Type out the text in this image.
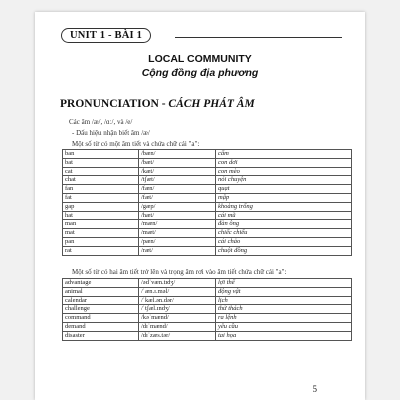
UNIT 1 - BÀI 1
LOCAL COMMUNITY
Cộng đồng địa phương
PRONUNCIATION - CÁCH PHÁT ÂM
Các âm /æ/, /ɑː/, và /e/
- Dấu hiệu nhận biết âm /æ/
Một số từ có một âm tiết và chứa chữ cái "a":
ban	/bæn/	cấm
bat	/bæt/	con dơi
cat	/kæt/	con mèo
chat	/tʃæt/	nói chuyện
fan	/fæn/	quạt
fat	/fæt/	mập
gap	/gæp/	khoảng trống
hat	/hæt/	cái mũ
man	/mæn/	đàn ông
mat	/mæt/	chiếc chiếu
pan	/pæn/	cái chảo
rat	/ræt/	chuột đồng
Một số từ có hai âm tiết trở lên và trọng âm rơi vào âm tiết chứa chữ cái "a":
advantage	/ədˈvæn.tɪdʒ/	lợi thế
animal	/ˈæn.ɪ.məl/	động vật
calendar	/ˈkæl.ən.dər/	lịch
challenge	/ˈtʃæl.ɪndʒ/	thử thách
command	/kəˈmænd/	ra lệnh
demand	/dɪˈmænd/	yêu cầu
disaster	/dɪˈzæs.tər/	tai họa
5
